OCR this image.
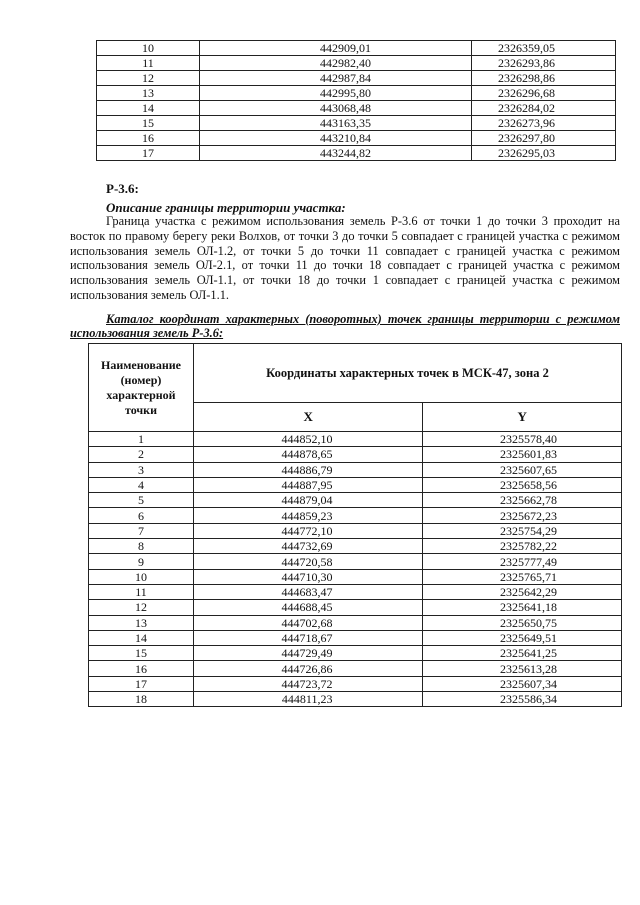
10	442909,01	2326359,05
11	442982,40	2326293,86
12	442987,84	2326298,86
13	442995,80	2326296,68
14	443068,48	2326284,02
15	443163,35	2326273,96
16	443210,84	2326297,80
17	443244,82	2326295,03
Р-3.6:
Описание границы территории участка:
Граница участка с режимом использования земель Р-3.6 от точки 1 до точки 3 проходит на восток по правому берегу реки Волхов, от точки 3 до точки 5 совпадает с границей участка с режимом использования земель ОЛ-1.2, от точки 5 до точки 11 совпадает с границей участка с режимом использования земель ОЛ-2.1, от точки 11 до точки 18 совпадает с границей участка с режимом использования земель ОЛ-1.1, от точки 18 до точки 1 совпадает с границей участка с режимом использования земель ОЛ-1.1.
Каталог координат характерных (поворотных) точек границы территории с режимом использования земель Р-3.6:
Наименование (номер) характерной точки	Координаты характерных точек в МСК-47, зона 2	
	X	Y
1	444852,10	2325578,40
2	444878,65	2325601,83
3	444886,79	2325607,65
4	444887,95	2325658,56
5	444879,04	2325662,78
6	444859,23	2325672,23
7	444772,10	2325754,29
8	444732,69	2325782,22
9	444720,58	2325777,49
10	444710,30	2325765,71
11	444683,47	2325642,29
12	444688,45	2325641,18
13	444702,68	2325650,75
14	444718,67	2325649,51
15	444729,49	2325641,25
16	444726,86	2325613,28
17	444723,72	2325607,34
18	444811,23	2325586,34
